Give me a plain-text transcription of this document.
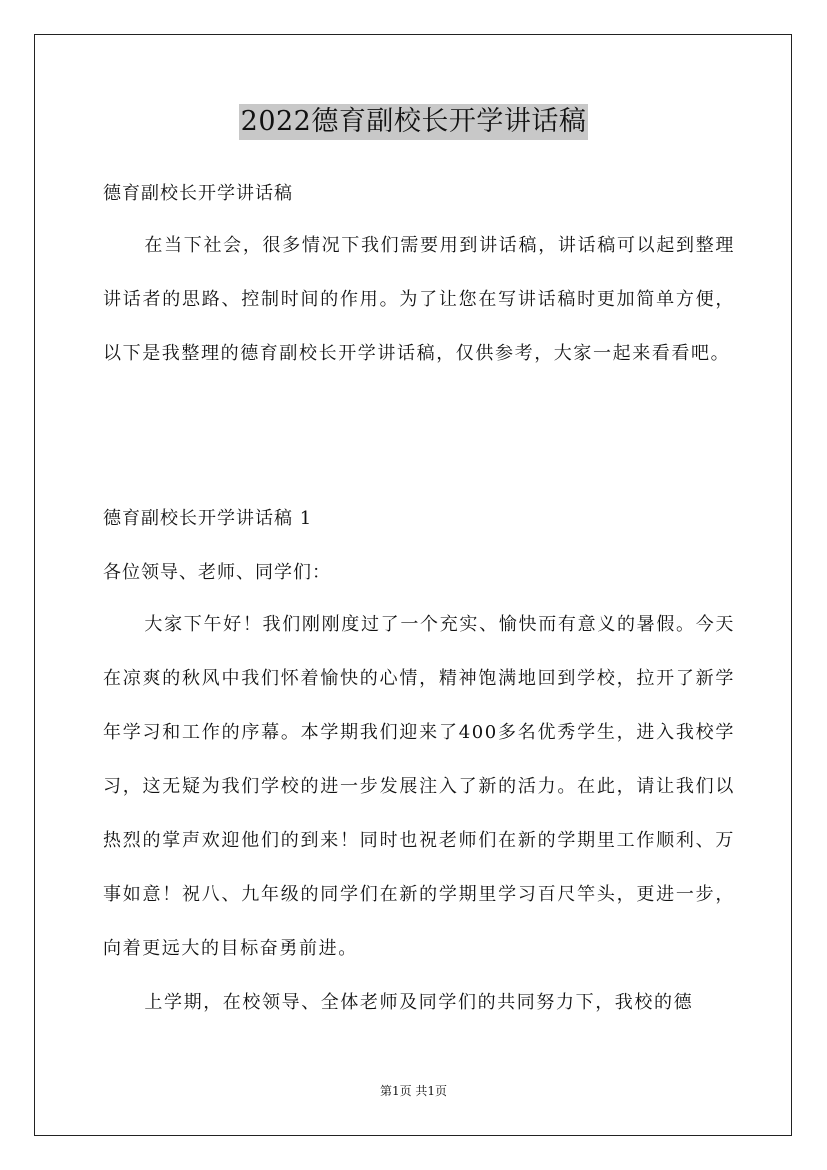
2022德育副校长开学讲话稿
德育副校长开学讲话稿

在当下社会，很多情况下我们需要用到讲话稿，讲话稿可以起到整理讲话者的思路、控制时间的作用。为了让您在写讲话稿时更加简单方便，以下是我整理的德育副校长开学讲话稿，仅供参考，大家一起来看看吧。

德育副校长开学讲话稿 1
各位领导、老师、同学们：

大家下午好！我们刚刚度过了一个充实、愉快而有意义的暑假。今天在凉爽的秋风中我们怀着愉快的心情，精神饱满地回到学校，拉开了新学年学习和工作的序幕。本学期我们迎来了400多名优秀学生，进入我校学习，这无疑为我们学校的进一步发展注入了新的活力。在此，请让我们以热烈的掌声欢迎他们的到来！同时也祝老师们在新的学期里工作顺利、万事如意！祝八、九年级的同学们在新的学期里学习百尺竿头，更进一步，向着更远大的目标奋勇前进。

上学期，在校领导、全体老师及同学们的共同努力下，我校的德

第1页 共1页
